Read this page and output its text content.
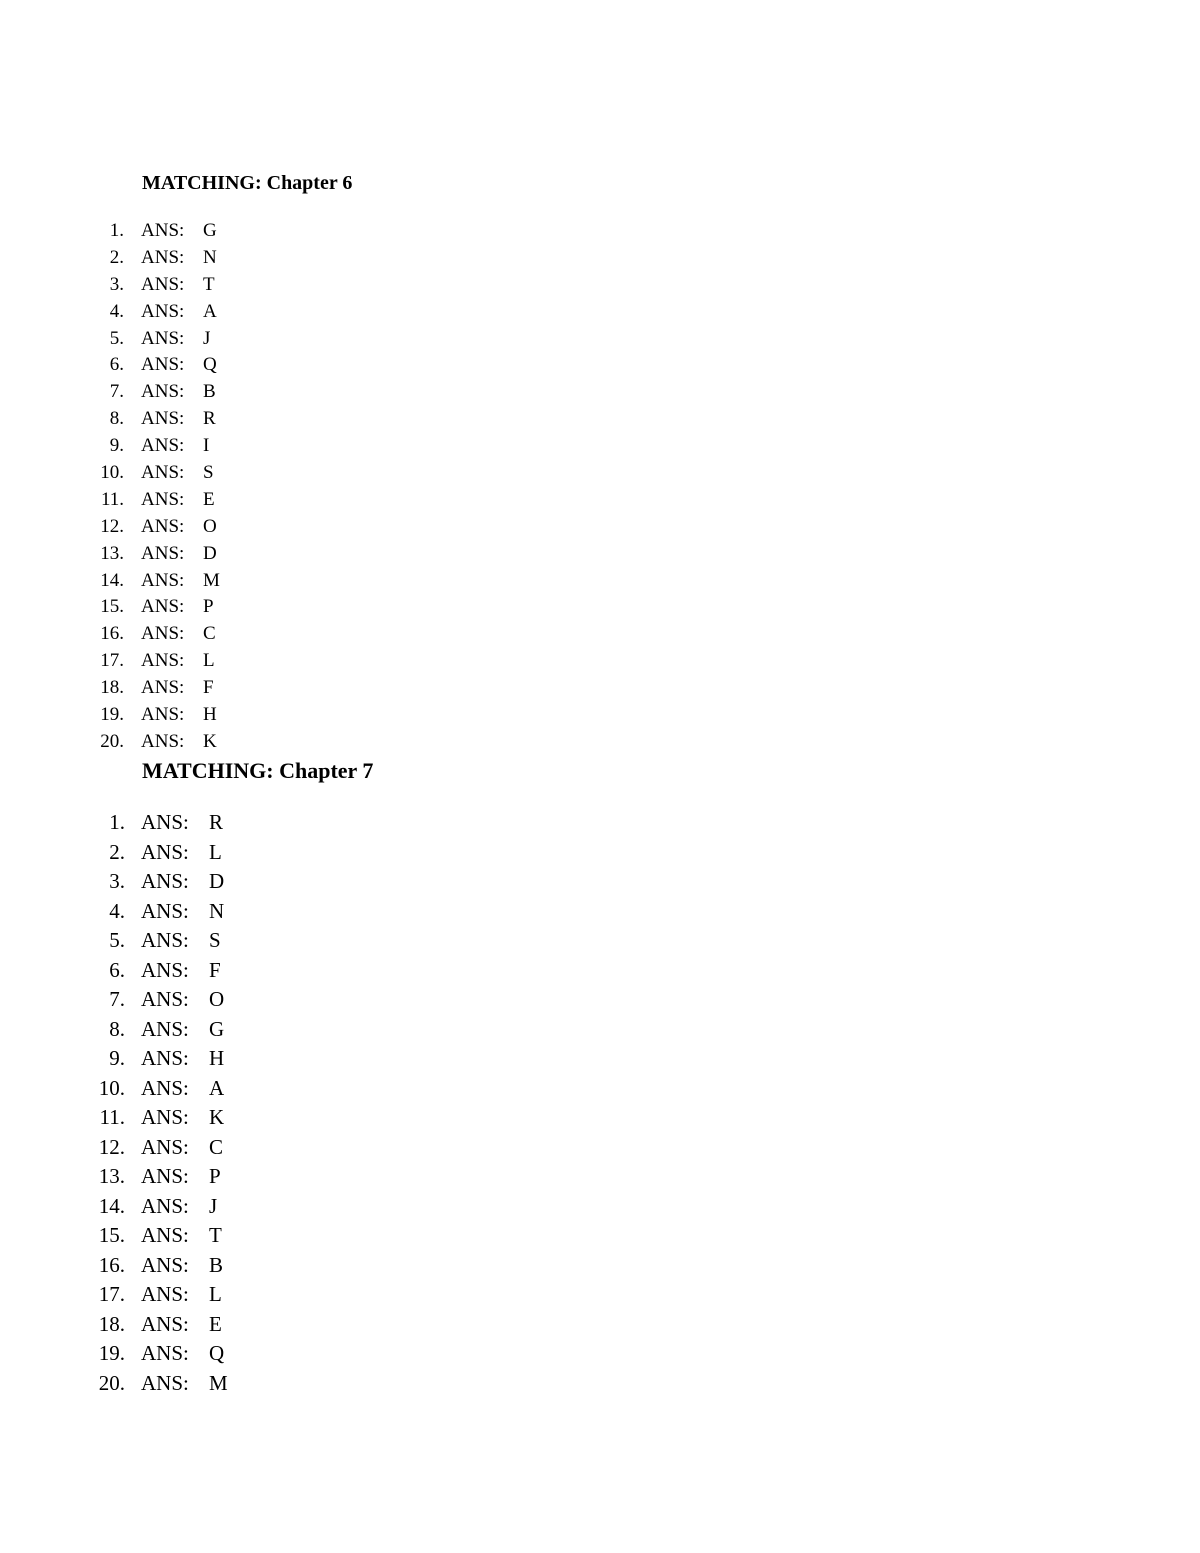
MATCHING: Chapter 6
1. ANS: G
2. ANS: N
3. ANS: T
4. ANS: A
5. ANS: J
6. ANS: Q
7. ANS: B
8. ANS: R
9. ANS: I
10. ANS: S
11. ANS: E
12. ANS: O
13. ANS: D
14. ANS: M
15. ANS: P
16. ANS: C
17. ANS: L
18. ANS: F
19. ANS: H
20. ANS: K
MATCHING: Chapter 7
1. ANS: R
2. ANS: L
3. ANS: D
4. ANS: N
5. ANS: S
6. ANS: F
7. ANS: O
8. ANS: G
9. ANS: H
10. ANS: A
11. ANS: K
12. ANS: C
13. ANS: P
14. ANS: J
15. ANS: T
16. ANS: B
17. ANS: L
18. ANS: E
19. ANS: Q
20. ANS: M
